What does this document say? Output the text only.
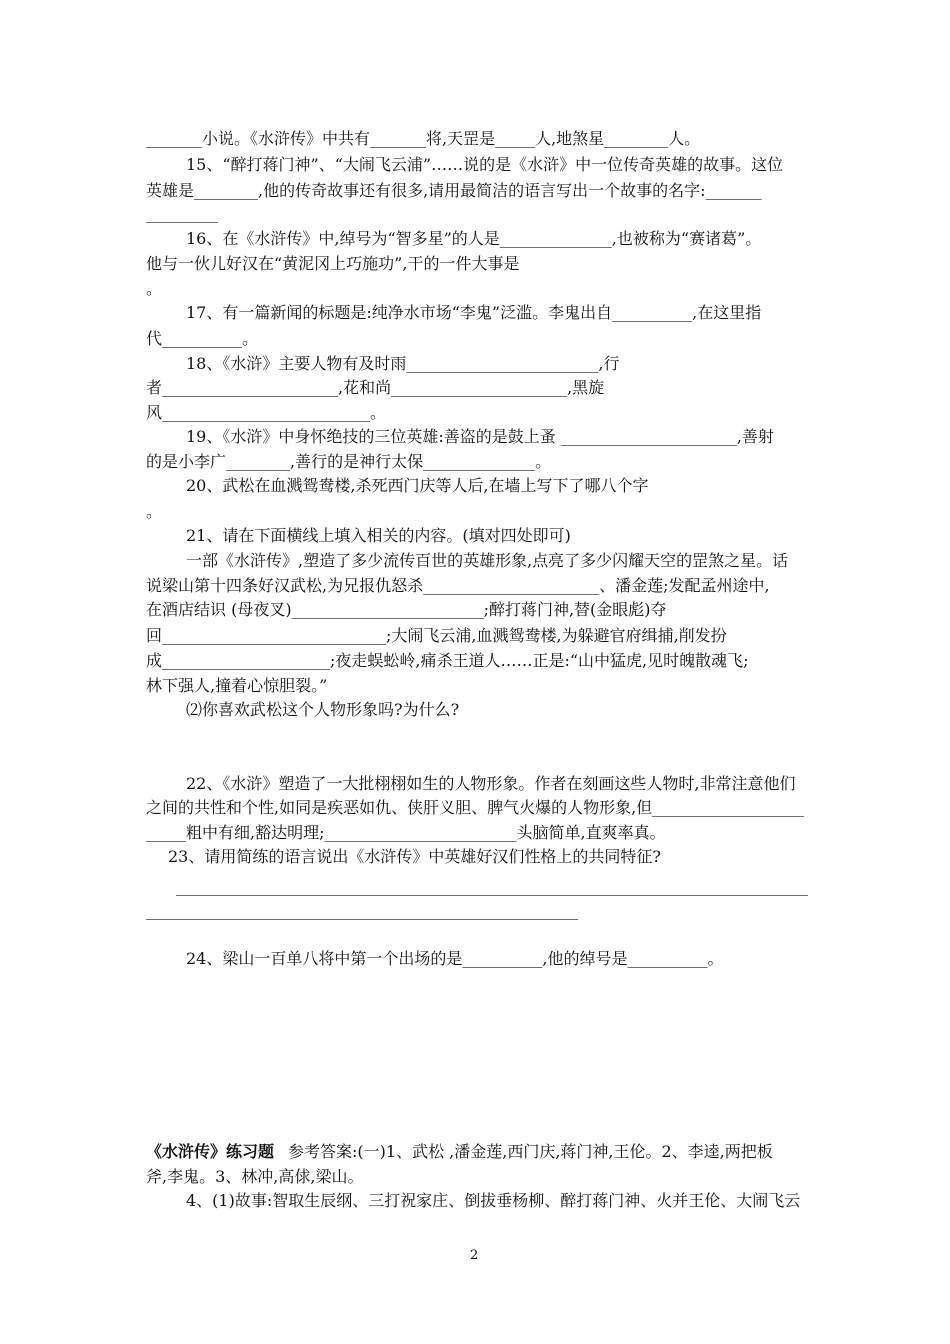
_______小说。《水浒传》中共有_______将,天罡是_____人,地煞星________人。
15、“醉打蒋门神”、“大闹飞云浦”……说的是《水浒》中一位传奇英雄的故事。这位
英雄是________,他的传奇故事还有很多,请用最简洁的语言写出一个故事的名字:_______
_________
16、在《水浒传》中,绰号为“智多星”的人是______________,也被称为“赛诸葛”。
他与一伙儿好汉在“黄泥冈上巧施功”,干的一件大事是
。
17、有一篇新闻的标题是:纯净水市场“李鬼”泛滥。李鬼出自__________,在这里指
代__________。
18、《水浒》主要人物有及时雨________________________,行
者______________________,花和尚______________________,黑旋
风__________________________。
19、《水浒》中身怀绝技的三位英雄:善盗的是鼓上蚤 ______________________,善射
的是小李广________,善行的是神行太保______________。
20、武松在血溅鸳鸯楼,杀死西门庆等人后,在墙上写下了哪八个字
。
21、请在下面横线上填入相关的内容。(填对四处即可)
一部《水浒传》,塑造了多少流传百世的英雄形象,点亮了多少闪耀天空的罡煞之星。话
说梁山第十四条好汉武松,为兄报仇怒杀______________________、潘金莲;发配孟州途中,
在酒店结识 (母夜叉)________________________;醉打蒋门神,替(金眼彪)夺
回____________________________;大闹飞云浦,血溅鸳鸯楼,为躲避官府缉捕,削发扮
成_____________________;夜走蜈蚣岭,痛杀王道人……正是:“山中猛虎,见时魄散魂飞;
林下强人,撞着心惊胆裂。”
⑵你喜欢武松这个人物形象吗?为什么?
22、《水浒》塑造了一大批栩栩如生的人物形象。作者在刻画这些人物时,非常注意他们
之间的共性和个性,如同是疾恶如仇、侠肝义胆、脾气火爆的人物形象,但___________________
_____粗中有细,豁达明理;________________________头脑简单,直爽率真。
23、请用简练的语言说出《水浒传》中英雄好汉们性格上的共同特征?
_______________________________________________________________________________
______________________________________________________
24、梁山一百单八将中第一个出场的是__________,他的绰号是__________。
《水浒传》练习题 参考答案:(一)1、武松 ,潘金莲,西门庆,蒋门神,王伦。2、李逵,两把板
斧,李鬼。3、林冲,高俅,梁山。
4、(1)故事:智取生辰纲、三打祝家庄、倒拔垂杨柳、醉打蒋门神、火并王伦、大闹飞云
2
